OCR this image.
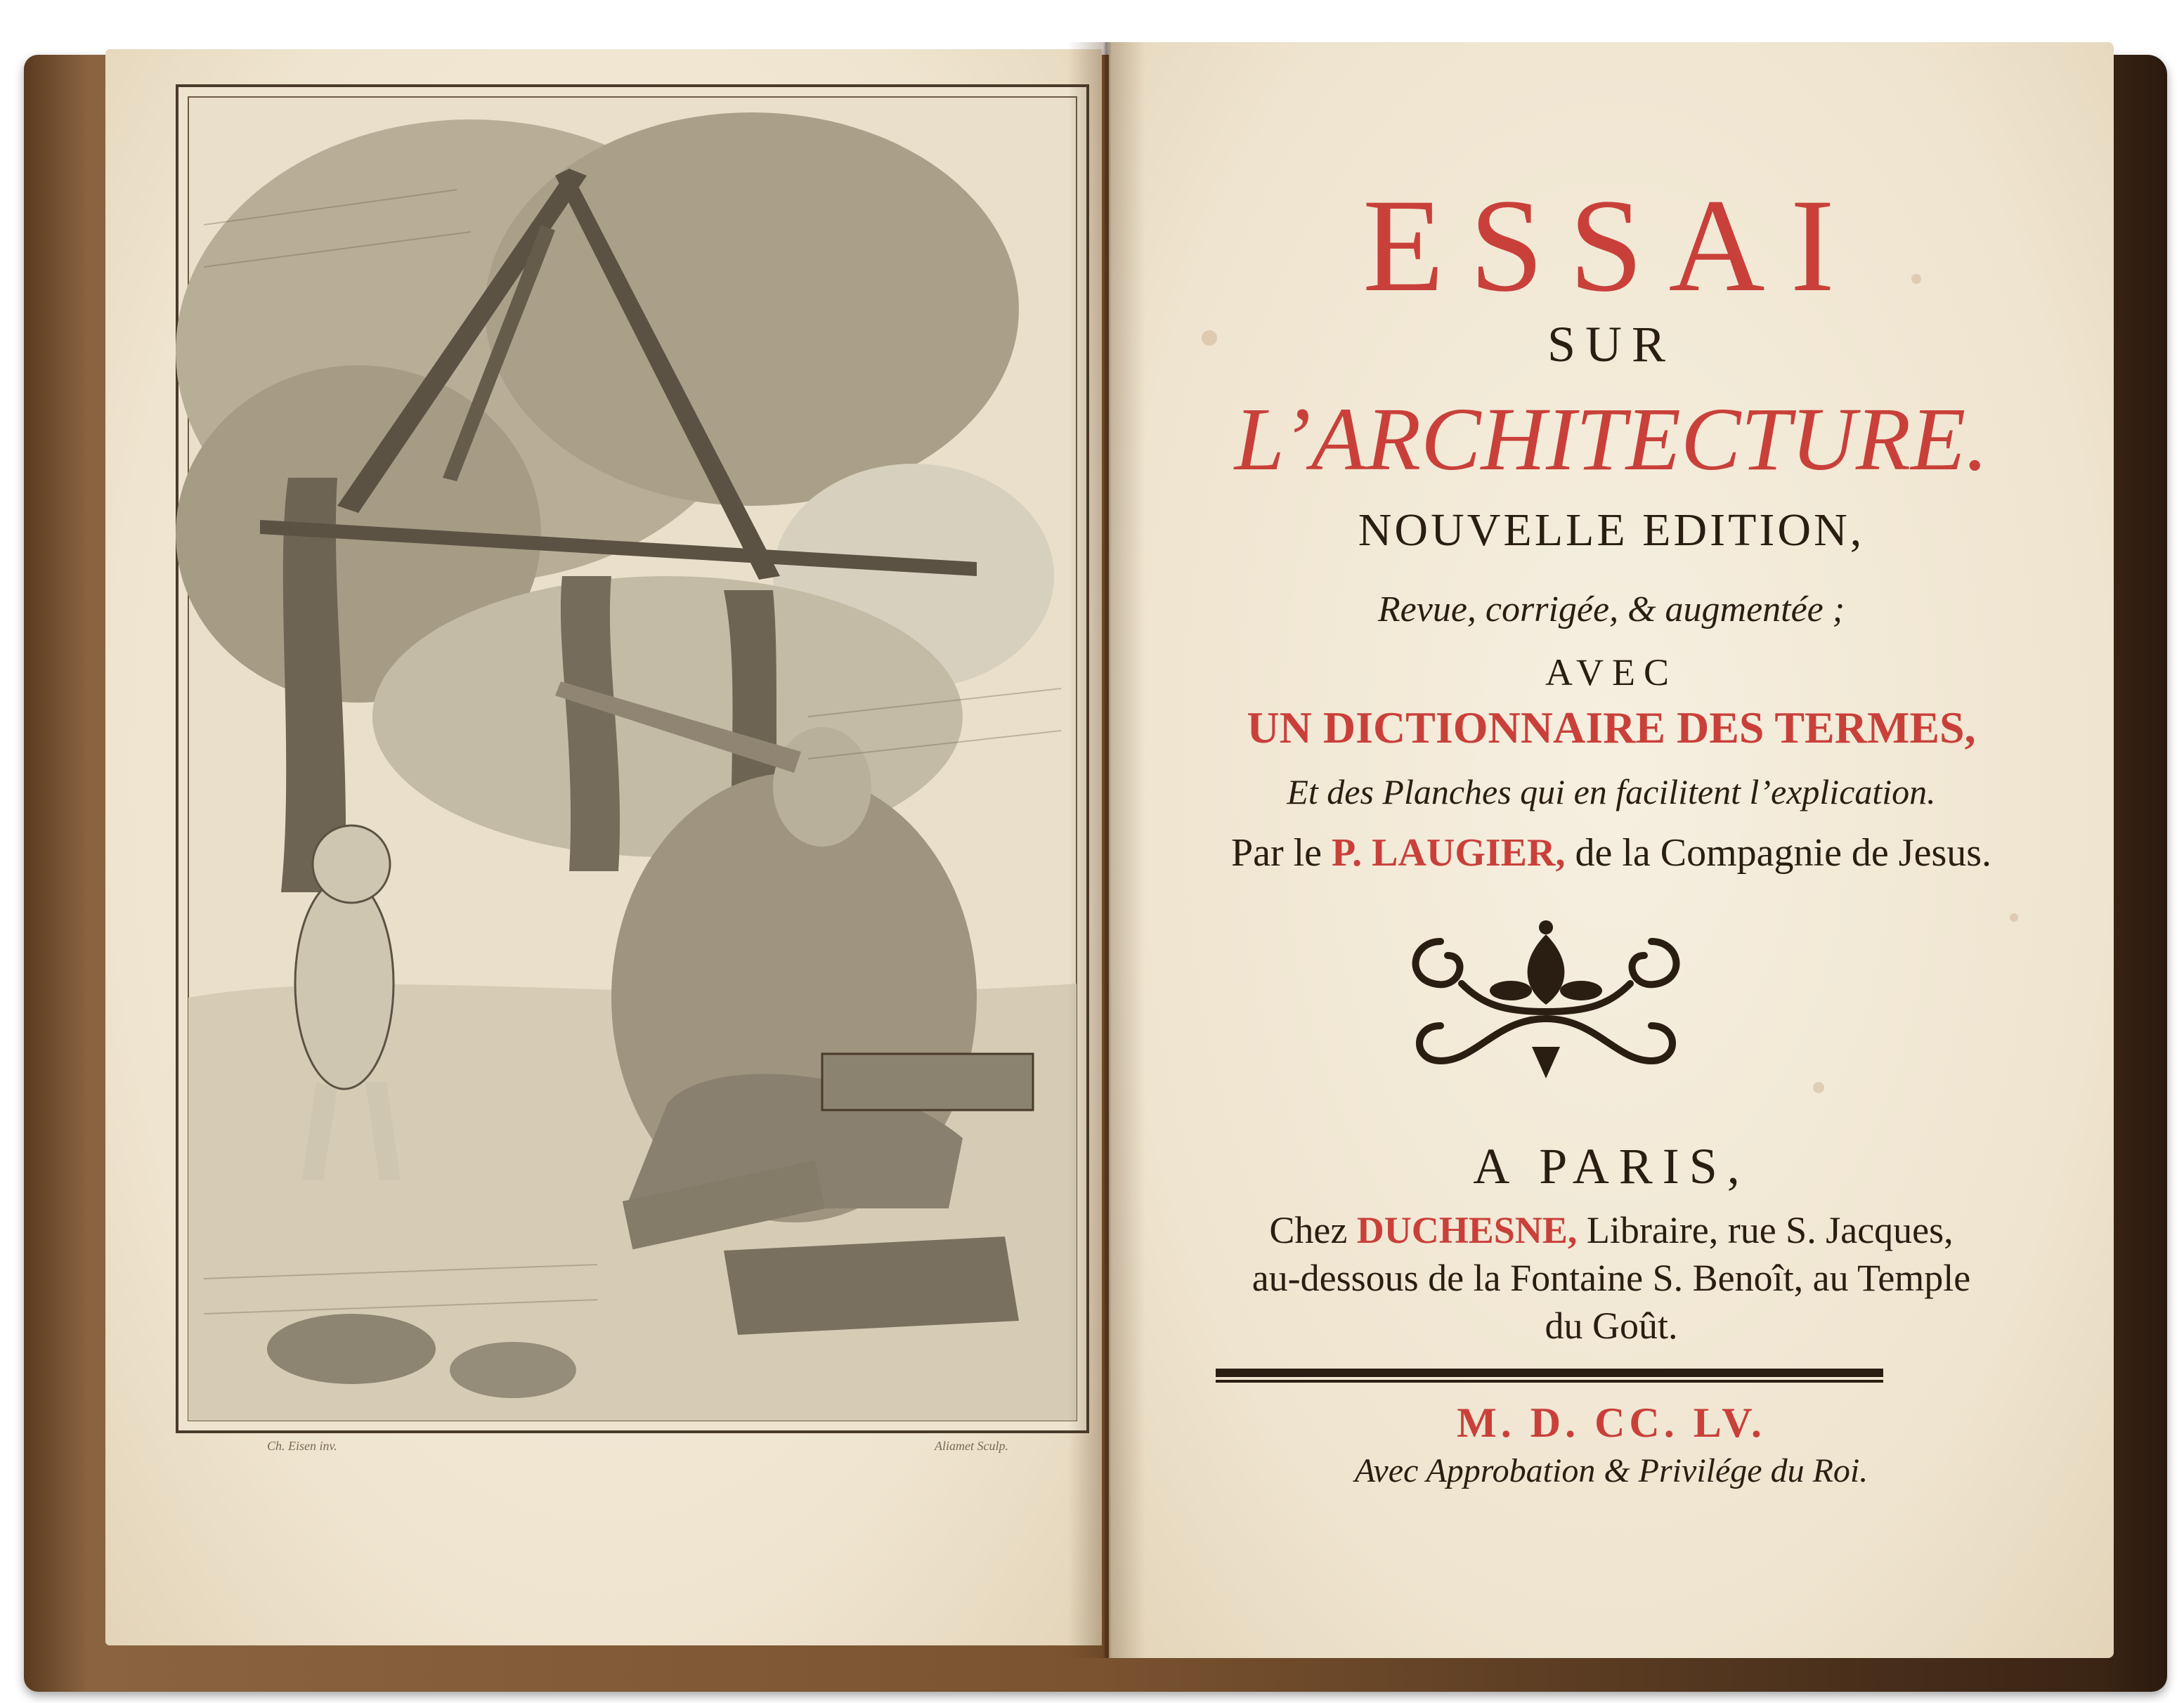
Ch. Eisen inv.	Aliamet Sculp.
ESSAI
SUR
L’ARCHITECTURE.
NOUVELLE EDITION,
Revue, corrigée, & augmentée ;
AVEC
UN DICTIONNAIRE DES TERMES,
Et des Planches qui en facilitent l’explication.
Par le P. LAUGIER, de la Compagnie de Jesus.
A PARIS,
Chez DUCHESNE, Libraire, rue S. Jacques,
au-dessous de la Fontaine S. Benoît, au Temple
du Goût.
M. D. CC. LV.
Avec Approbation & Privilége du Roi.
